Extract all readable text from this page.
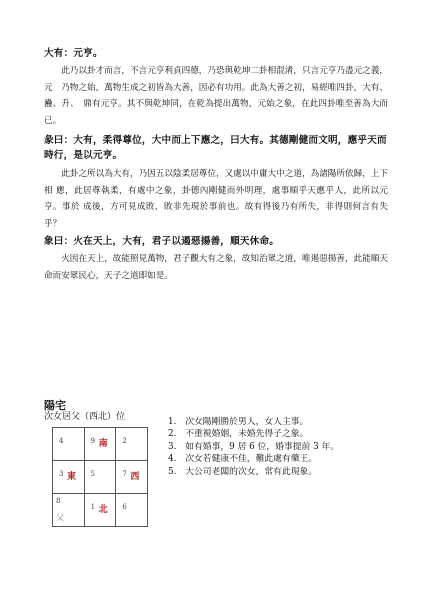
大有：元亨。
此乃以卦才而言，不言元亨利貞四德，乃恐與乾坤二卦相混淆，只言元亨乃盡元之義，元　乃物之始，萬物生成之初皆為大善，因必有功用。此為大善之初，易經唯四卦，大有、蠱、升、　鼎有元亨。其不與乾坤同，在乾為提出萬物，元始之象，在此四卦唯至善為大而已。
彖曰：大有，柔得尊位，大中而上下應之，曰大有。其德剛健而文明，應乎天而時行，是以元亨。
此卦之所以為大有，乃因五以陰柔居尊位，又處以中庸大中之道，為諸陽所依歸，上下相 應，此居尊執柔，有處中之象，卦德內剛健而外明理，處事順乎天應乎人，此所以元亨。事於 成後，方可見成敗，敗非先現於事前也。故有得後乃有所失，非得則何言有失乎？
象曰：火在天上，大有，君子以遏惡揚善，順天休命。
火因在天上，故能照見萬物，君子觀大有之象，故知治眾之道，唯遏惡揚善，此能順天命而安眾民心，天子之道即如是。
陽宅
次女居父（西北）位
4	9 南	2

3 東	5	7 西

8
父	1 北	6
1.　次女陽剛勝於男人，女人主事。
2.　不重視婚姻，未婚先得子之象。
3.　如有婚事，9 居 6 位，婚事提前 3 年。
4.　次女若健康不佳，難此處有藥王。
5.　大公司老闆的次女，常有此現象。
